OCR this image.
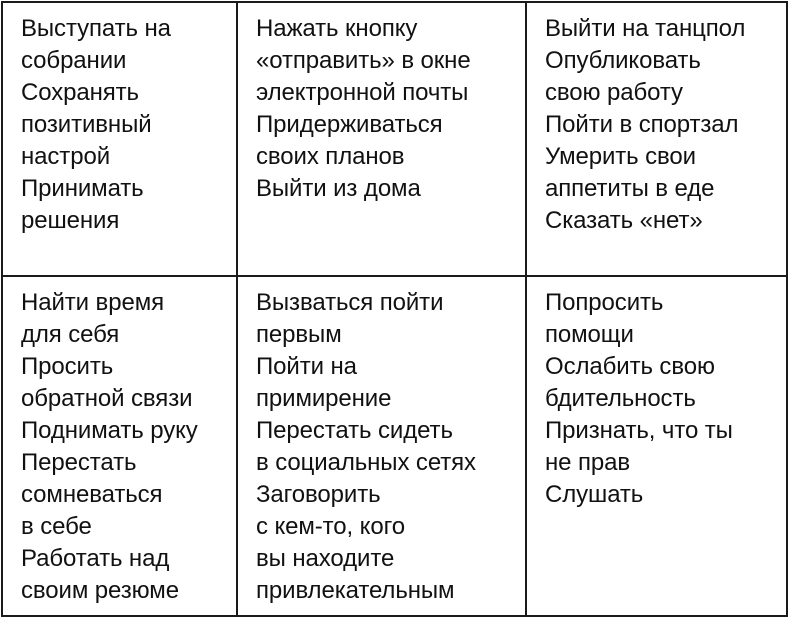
Выступать на
собрании
Сохранять
позитивный
настрой
Принимать
решения
Нажать кнопку
«отправить» в окне
электронной почты
Придерживаться
своих планов
Выйти из дома
Выйти на танцпол
Опубликовать
свою работу
Пойти в спортзал
Умерить свои
аппетиты в еде
Сказать «нет»
Найти время
для себя
Просить
обратной связи
Поднимать руку
Перестать
сомневаться
в себе
Работать над
своим резюме
Вызваться пойти
первым
Пойти на
примирение
Перестать сидеть
в социальных сетях
Заговорить
с кем-то, кого
вы находите
привлекательным
Попросить
помощи
Ослабить свою
бдительность
Признать, что ты
не прав
Слушать
